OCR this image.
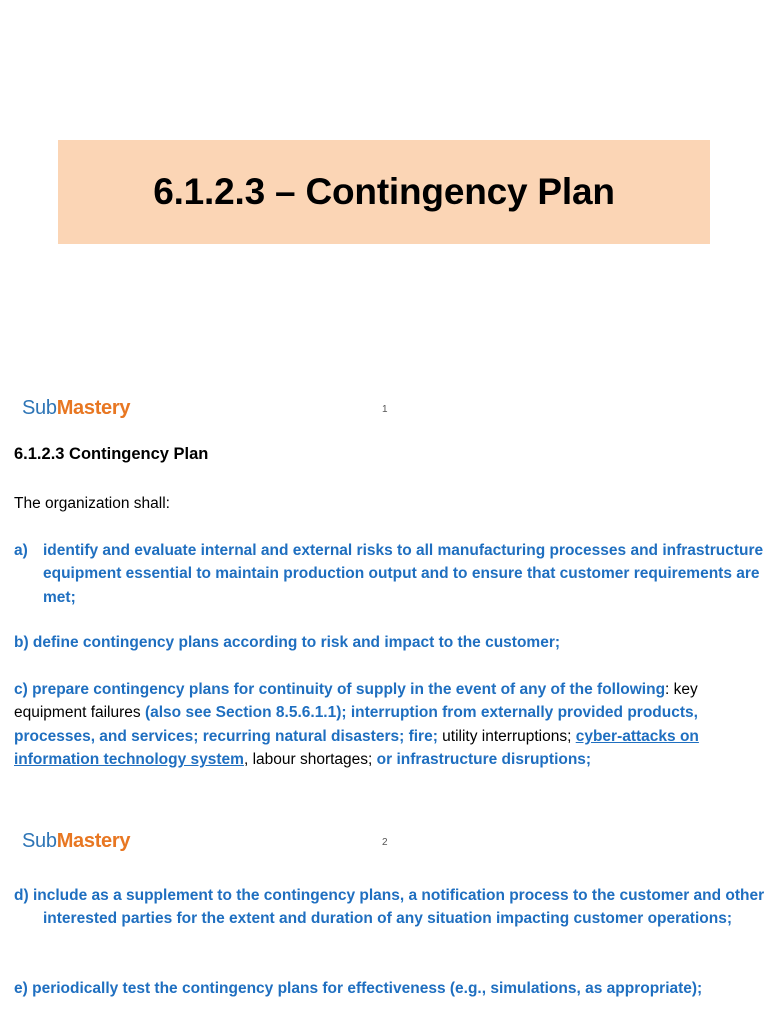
6.1.2.3 – Contingency Plan
Sub Mastery	1
6.1.2.3 Contingency Plan
The organization shall:
a) identify and evaluate internal and external risks to all manufacturing processes and infrastructure equipment essential to maintain production output and to ensure that customer requirements are met;
b) define contingency plans according to risk and impact to the customer;
c) prepare contingency plans for continuity of supply in the event of any of the following: key equipment failures (also see Section 8.5.6.1.1); interruption from externally provided products, processes, and services; recurring natural disasters; fire; utility interruptions; cyber-attacks on information technology system, labour shortages; or infrastructure disruptions;
Sub Mastery	2
d) include as a supplement to the contingency plans, a notification process to the customer and other interested parties for the extent and duration of any situation impacting customer operations;
e) periodically test the contingency plans for effectiveness (e.g., simulations, as appropriate);
